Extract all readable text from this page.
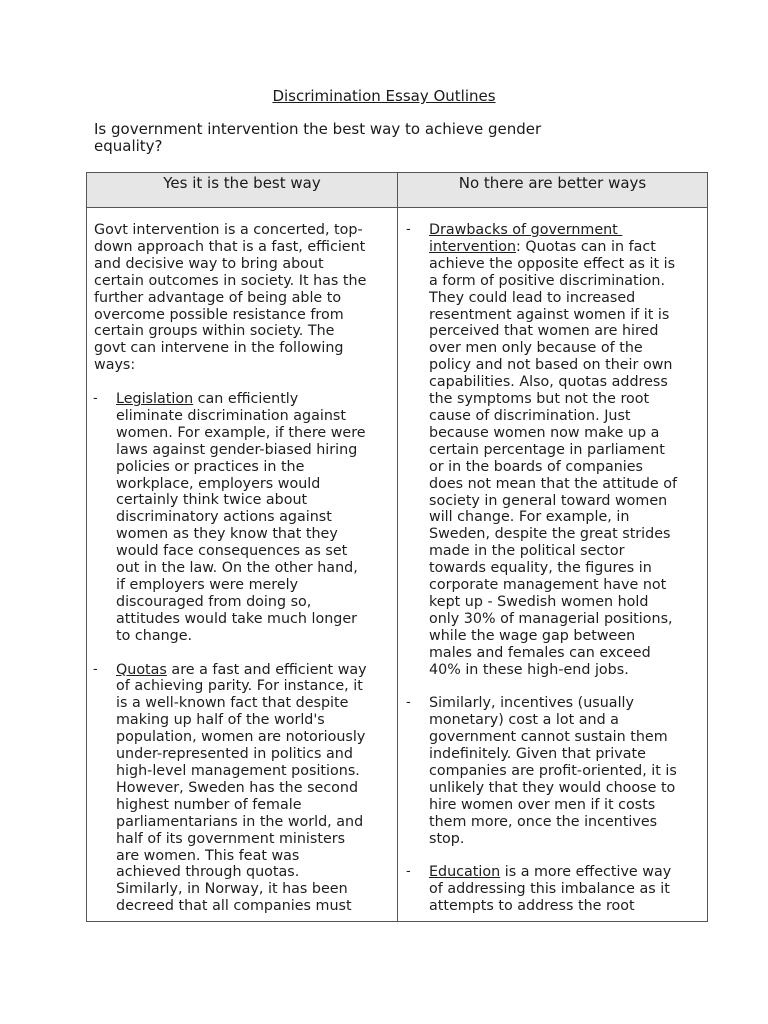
Discrimination Essay Outlines
Is government intervention the best way to achieve gender
equality?
Yes it is the best way	No there are better ways
Govt intervention is a concerted, top-
down approach that is a fast, efficient
and decisive way to bring about
certain outcomes in society. It has the
further advantage of being able to
overcome possible resistance from
certain groups within society. The
govt can intervene in the following
ways:
- Legislation can efficiently
eliminate discrimination against
women. For example, if there were
laws against gender-biased hiring
policies or practices in the
workplace, employers would
certainly think twice about
discriminatory actions against
women as they know that they
would face consequences as set
out in the law. On the other hand,
if employers were merely
discouraged from doing so,
attitudes would take much longer
to change.
- Quotas are a fast and efficient way
of achieving parity. For instance, it
is a well-known fact that despite
making up half of the world's
population, women are notoriously
under-represented in politics and
high-level management positions.
However, Sweden has the second
highest number of female
parliamentarians in the world, and
half of its government ministers
are women. This feat was
achieved through quotas.
Similarly, in Norway, it has been
decreed that all companies must
- Drawbacks of government
intervention: Quotas can in fact
achieve the opposite effect as it is
a form of positive discrimination.
They could lead to increased
resentment against women if it is
perceived that women are hired
over men only because of the
policy and not based on their own
capabilities. Also, quotas address
the symptoms but not the root
cause of discrimination. Just
because women now make up a
certain percentage in parliament
or in the boards of companies
does not mean that the attitude of
society in general toward women
will change. For example, in
Sweden, despite the great strides
made in the political sector
towards equality, the figures in
corporate management have not
kept up - Swedish women hold
only 30% of managerial positions,
while the wage gap between
males and females can exceed
40% in these high-end jobs.
- Similarly, incentives (usually
monetary) cost a lot and a
government cannot sustain them
indefinitely. Given that private
companies are profit-oriented, it is
unlikely that they would choose to
hire women over men if it costs
them more, once the incentives
stop.
- Education is a more effective way
of addressing this imbalance as it
attempts to address the root
